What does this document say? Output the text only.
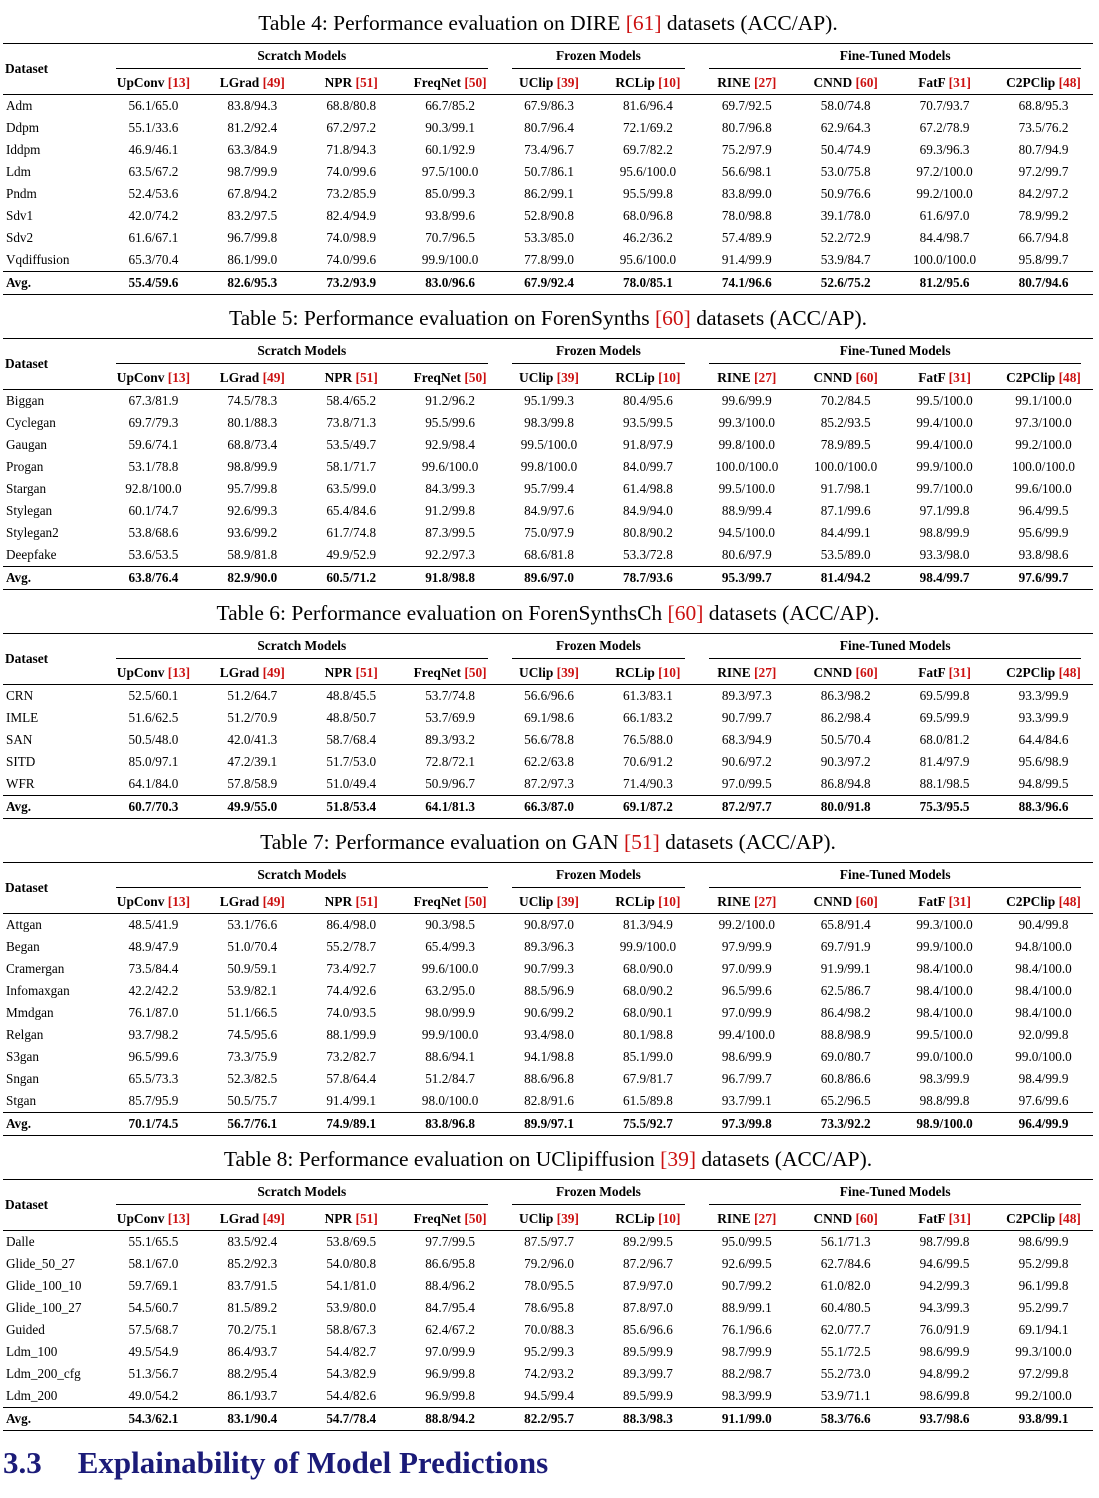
Table 4: Performance evaluation on DIRE [61] datasets (ACC/AP).

Dataset	Scratch Models				Frozen Models		Fine-Tuned Models			

	UpConv [13]	LGrad [49]	NPR [51]	FreqNet [50]	UClip [39]	RCLip [10]	RINE [27]	CNND [60]	FatF [31]	C2PClip [48]
Adm	56.1/65.0	83.8/94.3	68.8/80.8	66.7/85.2	67.9/86.3	81.6/96.4	69.7/92.5	58.0/74.8	70.7/93.7	68.8/95.3
Ddpm	55.1/33.6	81.2/92.4	67.2/97.2	90.3/99.1	80.7/96.4	72.1/69.2	80.7/96.8	62.9/64.3	67.2/78.9	73.5/76.2
Iddpm	46.9/46.1	63.3/84.9	71.8/94.3	60.1/92.9	73.4/96.7	69.7/82.2	75.2/97.9	50.4/74.9	69.3/96.3	80.7/94.9
Ldm	63.5/67.2	98.7/99.9	74.0/99.6	97.5/100.0	50.7/86.1	95.6/100.0	56.6/98.1	53.0/75.8	97.2/100.0	97.2/99.7
Pndm	52.4/53.6	67.8/94.2	73.2/85.9	85.0/99.3	86.2/99.1	95.5/99.8	83.8/99.0	50.9/76.6	99.2/100.0	84.2/97.2
Sdv1	42.0/74.2	83.2/97.5	82.4/94.9	93.8/99.6	52.8/90.8	68.0/96.8	78.0/98.8	39.1/78.0	61.6/97.0	78.9/99.2
Sdv2	61.6/67.1	96.7/99.8	74.0/98.9	70.7/96.5	53.3/85.0	46.2/36.2	57.4/89.9	52.2/72.9	84.4/98.7	66.7/94.8
Vqdiffusion	65.3/70.4	86.1/99.0	74.0/99.6	99.9/100.0	77.8/99.0	95.6/100.0	91.4/99.9	53.9/84.7	100.0/100.0	95.8/99.7
Avg.	55.4/59.6	82.6/95.3	73.2/93.9	83.0/96.6	67.9/92.4	78.0/85.1	74.1/96.6	52.6/75.2	81.2/95.6	80.7/94.6

Table 5: Performance evaluation on ForenSynths [60] datasets (ACC/AP).

Dataset	Scratch Models				Frozen Models		Fine-Tuned Models			

	UpConv [13]	LGrad [49]	NPR [51]	FreqNet [50]	UClip [39]	RCLip [10]	RINE [27]	CNND [60]	FatF [31]	C2PClip [48]
Biggan	67.3/81.9	74.5/78.3	58.4/65.2	91.2/96.2	95.1/99.3	80.4/95.6	99.6/99.9	70.2/84.5	99.5/100.0	99.1/100.0
Cyclegan	69.7/79.3	80.1/88.3	73.8/71.3	95.5/99.6	98.3/99.8	93.5/99.5	99.3/100.0	85.2/93.5	99.4/100.0	97.3/100.0
Gaugan	59.6/74.1	68.8/73.4	53.5/49.7	92.9/98.4	99.5/100.0	91.8/97.9	99.8/100.0	78.9/89.5	99.4/100.0	99.2/100.0
Progan	53.1/78.8	98.8/99.9	58.1/71.7	99.6/100.0	99.8/100.0	84.0/99.7	100.0/100.0	100.0/100.0	99.9/100.0	100.0/100.0
Stargan	92.8/100.0	95.7/99.8	63.5/99.0	84.3/99.3	95.7/99.4	61.4/98.8	99.5/100.0	91.7/98.1	99.7/100.0	99.6/100.0
Stylegan	60.1/74.7	92.6/99.3	65.4/84.6	91.2/99.8	84.9/97.6	84.9/94.0	88.9/99.4	87.1/99.6	97.1/99.8	96.4/99.5
Stylegan2	53.8/68.6	93.6/99.2	61.7/74.8	87.3/99.5	75.0/97.9	80.8/90.2	94.5/100.0	84.4/99.1	98.8/99.9	95.6/99.9
Deepfake	53.6/53.5	58.9/81.8	49.9/52.9	92.2/97.3	68.6/81.8	53.3/72.8	80.6/97.9	53.5/89.0	93.3/98.0	93.8/98.6
Avg.	63.8/76.4	82.9/90.0	60.5/71.2	91.8/98.8	89.6/97.0	78.7/93.6	95.3/99.7	81.4/94.2	98.4/99.7	97.6/99.7

Table 6: Performance evaluation on ForenSynthsCh [60] datasets (ACC/AP).

Dataset	Scratch Models				Frozen Models		Fine-Tuned Models			

	UpConv [13]	LGrad [49]	NPR [51]	FreqNet [50]	UClip [39]	RCLip [10]	RINE [27]	CNND [60]	FatF [31]	C2PClip [48]
CRN	52.5/60.1	51.2/64.7	48.8/45.5	53.7/74.8	56.6/96.6	61.3/83.1	89.3/97.3	86.3/98.2	69.5/99.8	93.3/99.9
IMLE	51.6/62.5	51.2/70.9	48.8/50.7	53.7/69.9	69.1/98.6	66.1/83.2	90.7/99.7	86.2/98.4	69.5/99.9	93.3/99.9
SAN	50.5/48.0	42.0/41.3	58.7/68.4	89.3/93.2	56.6/78.8	76.5/88.0	68.3/94.9	50.5/70.4	68.0/81.2	64.4/84.6
SITD	85.0/97.1	47.2/39.1	51.7/53.0	72.8/72.1	62.2/63.8	70.6/91.2	90.6/97.2	90.3/97.2	81.4/97.9	95.6/98.9
WFR	64.1/84.0	57.8/58.9	51.0/49.4	50.9/96.7	87.2/97.3	71.4/90.3	97.0/99.5	86.8/94.8	88.1/98.5	94.8/99.5
Avg.	60.7/70.3	49.9/55.0	51.8/53.4	64.1/81.3	66.3/87.0	69.1/87.2	87.2/97.7	80.0/91.8	75.3/95.5	88.3/96.6

Table 7: Performance evaluation on GAN [51] datasets (ACC/AP).

Dataset	Scratch Models				Frozen Models		Fine-Tuned Models			

	UpConv [13]	LGrad [49]	NPR [51]	FreqNet [50]	UClip [39]	RCLip [10]	RINE [27]	CNND [60]	FatF [31]	C2PClip [48]
Attgan	48.5/41.9	53.1/76.6	86.4/98.0	90.3/98.5	90.8/97.0	81.3/94.9	99.2/100.0	65.8/91.4	99.3/100.0	90.4/99.8
Began	48.9/47.9	51.0/70.4	55.2/78.7	65.4/99.3	89.3/96.3	99.9/100.0	97.9/99.9	69.7/91.9	99.9/100.0	94.8/100.0
Cramergan	73.5/84.4	50.9/59.1	73.4/92.7	99.6/100.0	90.7/99.3	68.0/90.0	97.0/99.9	91.9/99.1	98.4/100.0	98.4/100.0
Infomaxgan	42.2/42.2	53.9/82.1	74.4/92.6	63.2/95.0	88.5/96.9	68.0/90.2	96.5/99.6	62.5/86.7	98.4/100.0	98.4/100.0
Mmdgan	76.1/87.0	51.1/66.5	74.0/93.5	98.0/99.9	90.6/99.2	68.0/90.1	97.0/99.9	86.4/98.2	98.4/100.0	98.4/100.0
Relgan	93.7/98.2	74.5/95.6	88.1/99.9	99.9/100.0	93.4/98.0	80.1/98.8	99.4/100.0	88.8/98.9	99.5/100.0	92.0/99.8
S3gan	96.5/99.6	73.3/75.9	73.2/82.7	88.6/94.1	94.1/98.8	85.1/99.0	98.6/99.9	69.0/80.7	99.0/100.0	99.0/100.0
Sngan	65.5/73.3	52.3/82.5	57.8/64.4	51.2/84.7	88.6/96.8	67.9/81.7	96.7/99.7	60.8/86.6	98.3/99.9	98.4/99.9
Stgan	85.7/95.9	50.5/75.7	91.4/99.1	98.0/100.0	82.8/91.6	61.5/89.8	93.7/99.1	65.2/96.5	98.8/99.8	97.6/99.6
Avg.	70.1/74.5	56.7/76.1	74.9/89.1	83.8/96.8	89.9/97.1	75.5/92.7	97.3/99.8	73.3/92.2	98.9/100.0	96.4/99.9

Table 8: Performance evaluation on UClipiffusion [39] datasets (ACC/AP).

Dataset	Scratch Models				Frozen Models		Fine-Tuned Models			

	UpConv [13]	LGrad [49]	NPR [51]	FreqNet [50]	UClip [39]	RCLip [10]	RINE [27]	CNND [60]	FatF [31]	C2PClip [48]
Dalle	55.1/65.5	83.5/92.4	53.8/69.5	97.7/99.5	87.5/97.7	89.2/99.5	95.0/99.5	56.1/71.3	98.7/99.8	98.6/99.9
Glide_50_27	58.1/67.0	85.2/92.3	54.0/80.8	86.6/95.8	79.2/96.0	87.2/96.7	92.6/99.5	62.7/84.6	94.6/99.5	95.2/99.8
Glide_100_10	59.7/69.1	83.7/91.5	54.1/81.0	88.4/96.2	78.0/95.5	87.9/97.0	90.7/99.2	61.0/82.0	94.2/99.3	96.1/99.8
Glide_100_27	54.5/60.7	81.5/89.2	53.9/80.0	84.7/95.4	78.6/95.8	87.8/97.0	88.9/99.1	60.4/80.5	94.3/99.3	95.2/99.7
Guided	57.5/68.7	70.2/75.1	58.8/67.3	62.4/67.2	70.0/88.3	85.6/96.6	76.1/96.6	62.0/77.7	76.0/91.9	69.1/94.1
Ldm_100	49.5/54.9	86.4/93.7	54.4/82.7	97.0/99.9	95.2/99.3	89.5/99.9	98.7/99.9	55.1/72.5	98.6/99.9	99.3/100.0
Ldm_200_cfg	51.3/56.7	88.2/95.4	54.3/82.9	96.9/99.8	74.2/93.2	89.3/99.7	88.2/98.7	55.2/73.0	94.8/99.2	97.2/99.8
Ldm_200	49.0/54.2	86.1/93.7	54.4/82.6	96.9/99.8	94.5/99.4	89.5/99.9	98.3/99.9	53.9/71.1	98.6/99.8	99.2/100.0
Avg.	54.3/62.1	83.1/90.4	54.7/78.4	88.8/94.2	82.2/95.7	88.3/98.3	91.1/99.0	58.3/76.6	93.7/98.6	93.8/99.1
3.3 Explainability of Model Predictions
